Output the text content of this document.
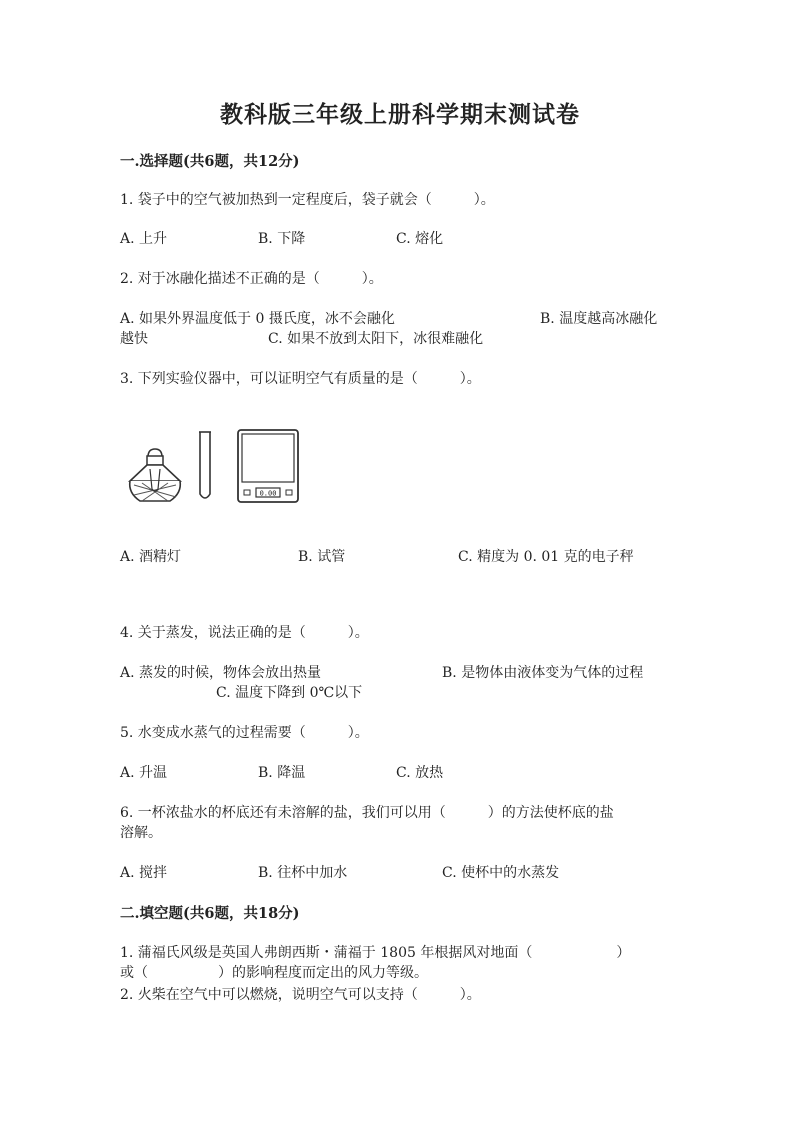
教科版三年级上册科学期末测试卷
一.选择题(共6题，共12分)
1. 袋子中的空气被加热到一定程度后，袋子就会（　　　）。
A. 上升	B. 下降	C. 熔化
2. 对于冰融化描述不正确的是（　　　）。
A. 如果外界温度低于 0 摄氏度，冰不会融化	B. 温度越高冰融化
越快	C. 如果不放到太阳下，冰很难融化
3. 下列实验仪器中，可以证明空气有质量的是（　　　）。
0.00
A. 酒精灯	B. 试管	C. 精度为 0. 01 克的电子秤
4. 关于蒸发，说法正确的是（　　　）。
A. 蒸发的时候，物体会放出热量	B. 是物体由液体变为气体的过程
C. 温度下降到 0℃以下
5. 水变成水蒸气的过程需要（　　　）。
A. 升温	B. 降温	C. 放热
6. 一杯浓盐水的杯底还有未溶解的盐，我们可以用（　　　）的方法使杯底的盐
溶解。
A. 搅拌	B. 往杯中加水	C. 使杯中的水蒸发
二.填空题(共6题，共18分)
1. 蒲福氏风级是英国人弗朗西斯・蒲福于 1805 年根据风对地面（　　　　　　）
或（　　　　　）的影响程度而定出的风力等级。
2. 火柴在空气中可以燃烧，说明空气可以支持（　　　）。
